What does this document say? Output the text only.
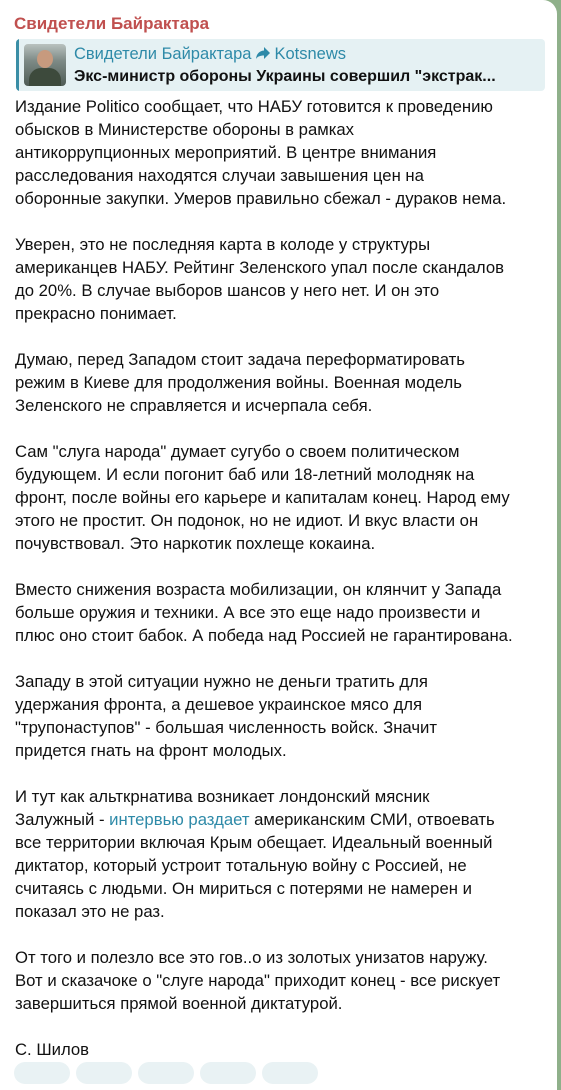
Свидетели Байрактара
Свидетели Байрактара Kotsnews
Экс-министр обороны Украины совершил "экстрак...

Издание Politico сообщает, что НАБУ готовится к проведению
обысков в Министерстве обороны в рамках
антикоррупционных мероприятий. В центре внимания
расследования находятся случаи завышения цен на
оборонные закупки. Умеров правильно сбежал - дураков нема.

Уверен, это не последняя карта в колоде у структуры
американцев НАБУ. Рейтинг Зеленского упал после скандалов
до 20%. В случае выборов шансов у него нет. И он это
прекрасно понимает.

Думаю, перед Западом стоит задача переформатировать
режим в Киеве для продолжения войны. Военная модель
Зеленского не справляется и исчерпала себя.

Сам "слуга народа" думает сугубо о своем политическом
будующем. И если погонит баб или 18-летний молодняк на
фронт, после войны его карьере и капиталам конец. Народ ему
этого не простит. Он подонок, но не идиот. И вкус власти он
почувствовал. Это наркотик похлеще кокаина.

Вместо снижения возраста мобилизации, он клянчит у Запада
больше оружия и техники. А все это еще надо произвести и
плюс оно стоит бабок. А победа над Россией не гарантирована.

Западу в этой ситуации нужно не деньги тратить для
удержания фронта, а дешевое украинское мясо для
"трупонаступов" - большая численность войск. Значит
придется гнать на фронт молодых.

И тут как альткрнатива возникает лондонский мясник
Залужный - интервью раздает американским СМИ, отвоевать
все территории включая Крым обещает. Идеальный военный
диктатор, который устроит тотальную войну с Россией, не
считаясь с людьми. Он мириться с потерями не намерен и
показал это не раз.

От того и полезло все это гов..о из золотых унизатов наружу.
Вот и сказачоке о "слуге народа" приходит конец - все рискует
завершиться прямой военной диктатурой.

С. Шилов
